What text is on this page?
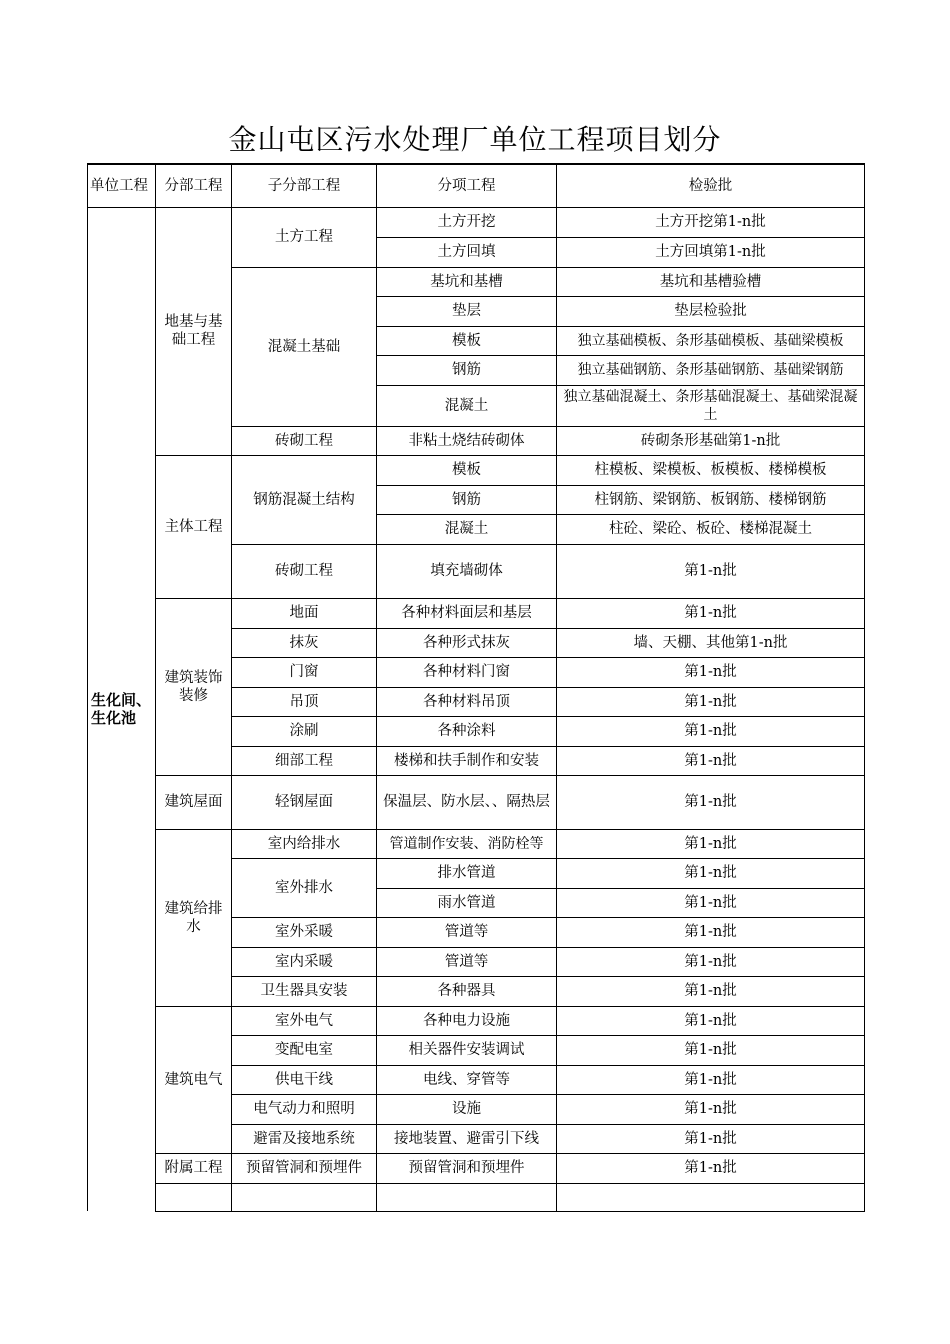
金山屯区污水处理厂单位工程项目划分
单位工程	分部工程	子分部工程	分项工程	检验批
生化间、生化池	地基与基础工程	土方工程	土方开挖	土方开挖第1-n批
			土方回填	土方回填第1-n批
		混凝土基础	基坑和基槽	基坑和基槽验槽
			垫层	垫层检验批
			模板	独立基础模板、条形基础模板、基础梁模板
			钢筋	独立基础钢筋、条形基础钢筋、基础梁钢筋
			混凝土	独立基础混凝土、条形基础混凝土、基础梁混凝土
		砖砌工程	非粘土烧结砖砌体	砖砌条形基础第1-n批
	主体工程	钢筋混凝土结构	模板	柱模板、梁模板、板模板、楼梯模板
			钢筋	柱钢筋、梁钢筋、板钢筋、楼梯钢筋
			混凝土	柱砼、梁砼、板砼、楼梯混凝土
		砖砌工程	填充墙砌体	第1-n批
	建筑装饰装修	地面	各种材料面层和基层	第1-n批
		抹灰	各种形式抹灰	墙、天棚、其他第1-n批
		门窗	各种材料门窗	第1-n批
		吊顶	各种材料吊顶	第1-n批
		涂刷	各种涂料	第1-n批
		细部工程	楼梯和扶手制作和安装	第1-n批
	建筑屋面	轻钢屋面	保温层、防水层、、隔热层	第1-n批
	建筑给排水	室内给排水	管道制作安装、消防栓等	第1-n批
		室外排水	排水管道	第1-n批
			雨水管道	第1-n批
		室外采暖	管道等	第1-n批
		室内采暖	管道等	第1-n批
		卫生器具安装	各种器具	第1-n批
	建筑电气	室外电气	各种电力设施	第1-n批
		变配电室	相关器件安装调试	第1-n批
		供电干线	电线、穿管等	第1-n批
		电气动力和照明	设施	第1-n批
		避雷及接地系统	接地装置、避雷引下线	第1-n批
	附属工程	预留管洞和预埋件	预留管洞和预埋件	第1-n批
